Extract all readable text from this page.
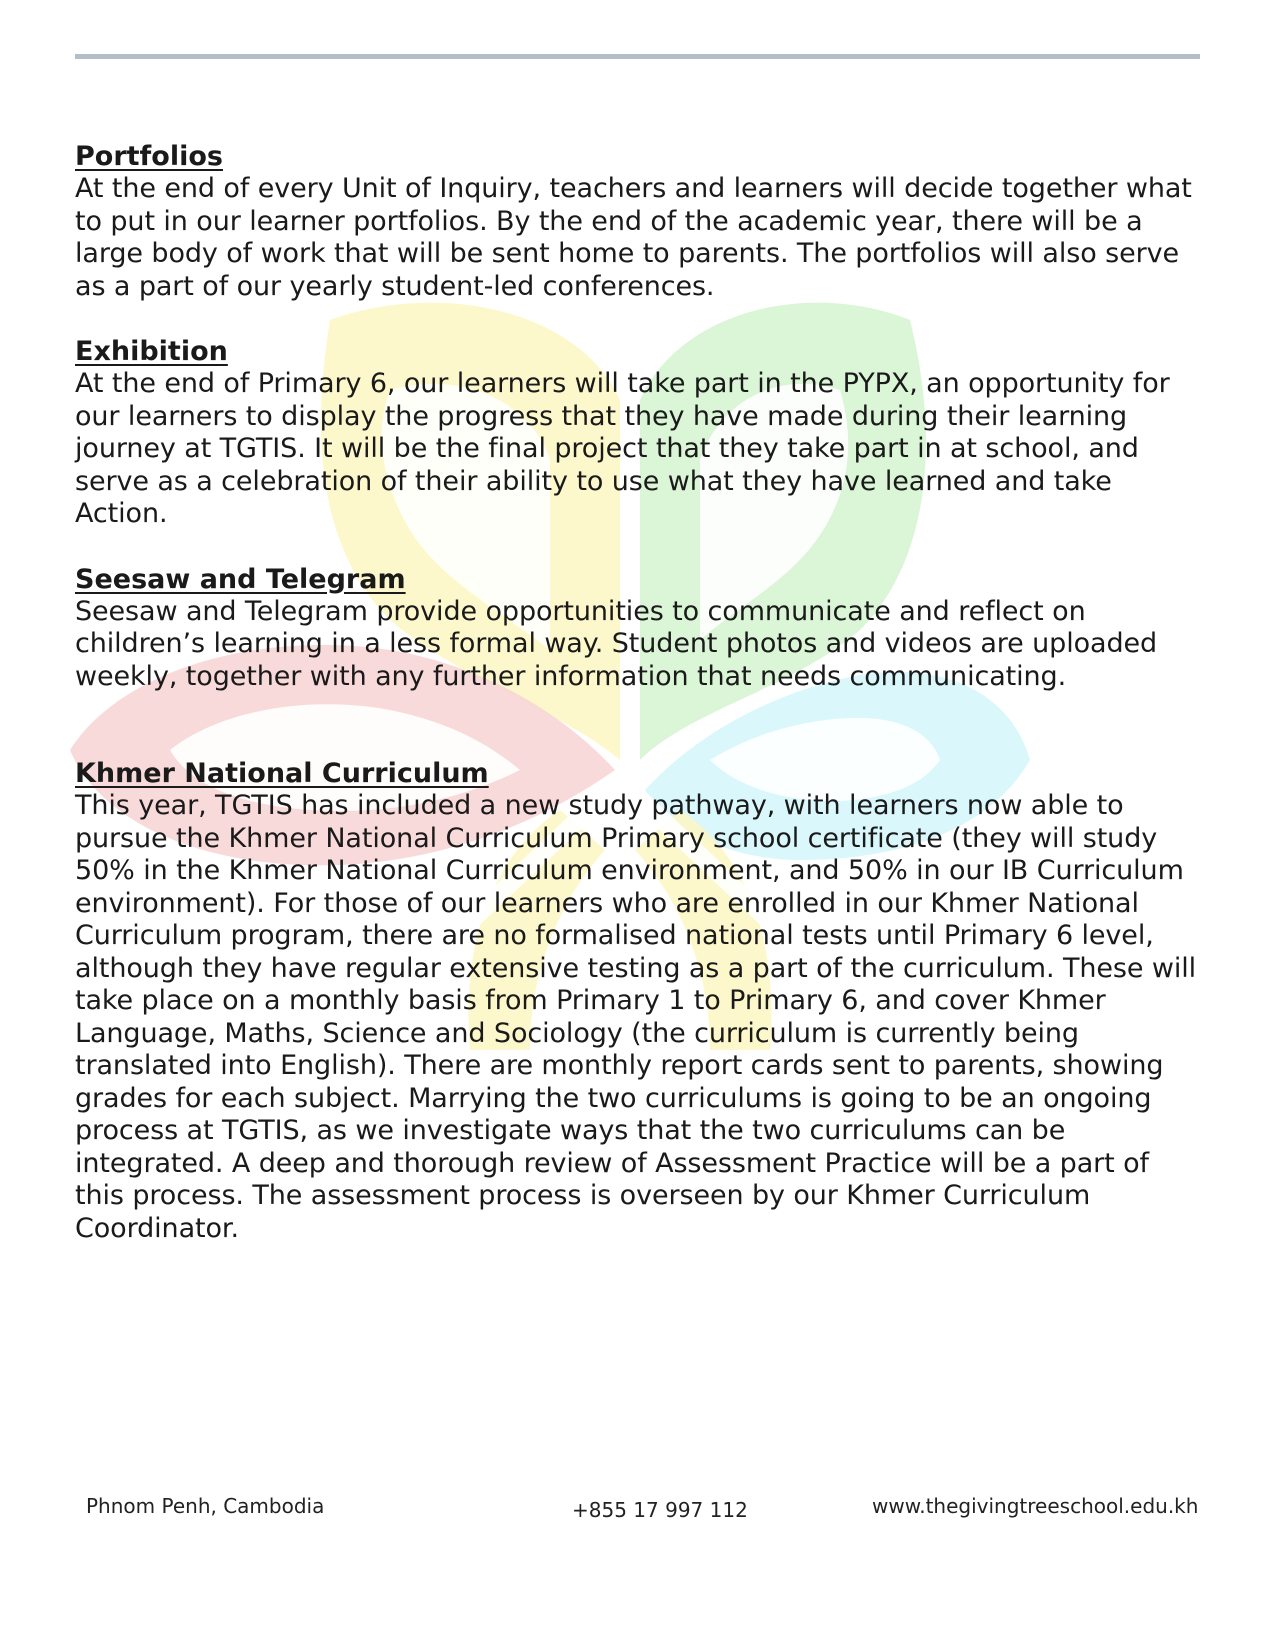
Portfolios

At the end of every Unit of Inquiry, teachers and learners will decide together what to put in our learner portfolios. By the end of the academic year, there will be a large body of work that will be sent home to parents. The portfolios will also serve as a part of our yearly student-led conferences.

Exhibition

At the end of Primary 6, our learners will take part in the PYPX, an opportunity for our learners to display the progress that they have made during their learning journey at TGTIS. It will be the final project that they take part in at school, and serve as a celebration of their ability to use what they have learned and take Action.

Seesaw and Telegram

Seesaw and Telegram provide opportunities to communicate and reflect on children’s learning in a less formal way. Student photos and videos are uploaded weekly, together with any further information that needs communicating.

Khmer National Curriculum

This year, TGTIS has included a new study pathway, with learners now able to pursue the Khmer National Curriculum Primary school certificate (they will study 50% in the Khmer National Curriculum environment, and 50% in our IB Curriculum environment). For those of our learners who are enrolled in our Khmer National Curriculum program, there are no formalised national tests until Primary 6 level, although they have regular extensive testing as a part of the curriculum. These will take place on a monthly basis from Primary 1 to Primary 6, and cover Khmer Language, Maths, Science and Sociology (the curriculum is currently being translated into English). There are monthly report cards sent to parents, showing grades for each subject. Marrying the two curriculums is going to be an ongoing process at TGTIS, as we investigate ways that the two curriculums can be integrated. A deep and thorough review of Assessment Practice will be a part of this process. The assessment process is overseen by our Khmer Curriculum Coordinator.

Phnom Penh, Cambodia	+855 17 997 112	www.thegivingtreeschool.edu.kh
